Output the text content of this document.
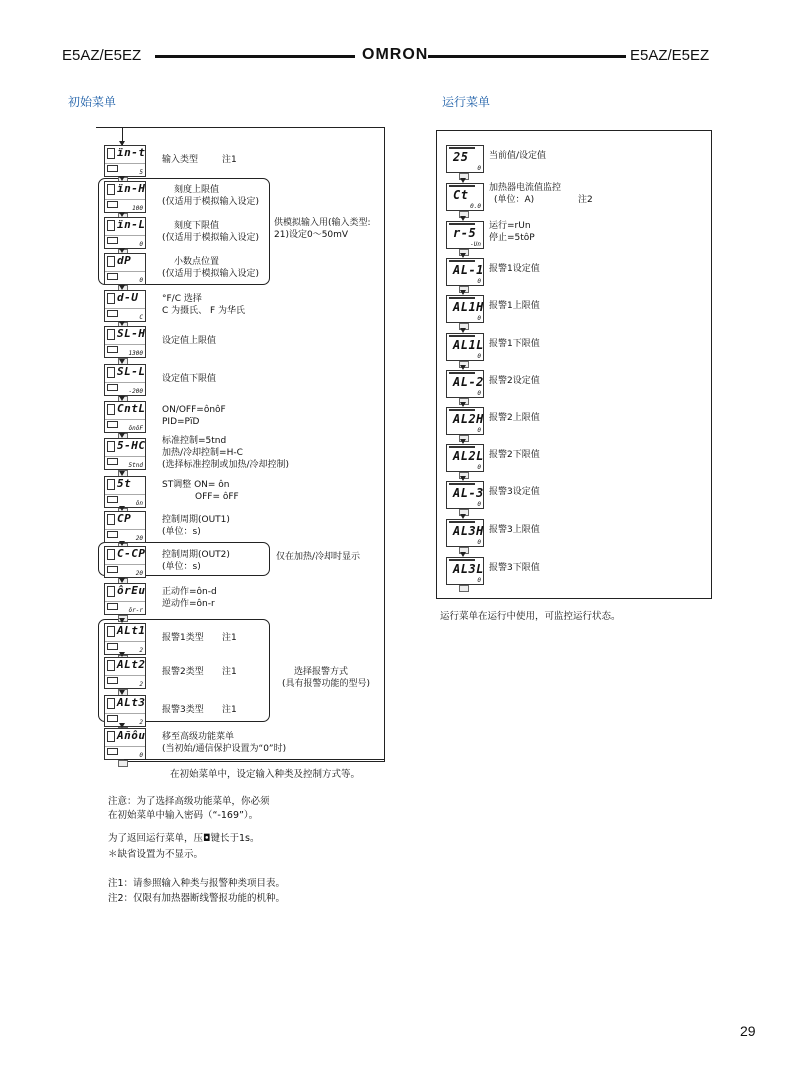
E5AZ/E5EZ	OMRON	E5AZ/E5EZ
初始菜单	运行菜单
供模拟输入用(输入类型:
21)设定0～50mV
仅在加热/冷却时显示
选择报警方式
(具有报警功能的型号)
ïn-t
5
输入类型	注1
ïn-H
100
刻度上限值
(仅适用于模拟输入设定)
ïn-L
0
刻度下限值
(仅适用于模拟输入设定)
dP
0
小数点位置
(仅适用于模拟输入设定)
d-U
C
°F/C 选择
C 为摄氏、 F 为华氏
SL-H
1300
设定值上限值
SL-L
-200
设定值下限值
CntL
ônôF
ON/OFF=ônôF
PID=PïD
5-HC
5tnd
标准控制=5tnd
加热/冷却控制=H-C
(选择标准控制或加热/冷却控制)
5t
ôn
ST调整 ON= ôn
OFF= ôFF
CP
20
控制周期(OUT1)
(单位：s)
C-CP
20
控制周期(OUT2)
(单位：s)
ôrEu
ôr-r
正动作=ôn-d
逆动作=ôn-r
ALt1
2
报警1类型 注1
ALt2
2
报警2类型 注1
ALt3
2
报警3类型 注1
Añôu
0
移至高级功能菜单
(当初始/通信保护设置为“0”时)
在初始菜单中，设定输入种类及控制方式等。
25
0
当前值/设定值
Ct
0.0
加热器电流值监控
(单位：A)	注2
r-5
-Un
运行=rUn
停止=5tôP
AL-1
0
报警1设定值
AL1H
0
报警1上限值
AL1L
0
报警1下限值
AL-2
0
报警2设定值
AL2H
0
报警2上限值
AL2L
0
报警2下限值
AL-3
0
报警3设定值
AL3H
0
报警3上限值
AL3L
0
报警3下限值
运行菜单在运行中使用，可监控运行状态。
注意：为了选择高级功能菜单，你必须
在初始菜单中输入密码（“-169”）。
为了返回运行菜单，压◘键长于1s。
＊缺省设置为不显示。
注1：请参照输入种类与报警种类项目表。
注2：仅限有加热器断线警报功能的机种。
29
